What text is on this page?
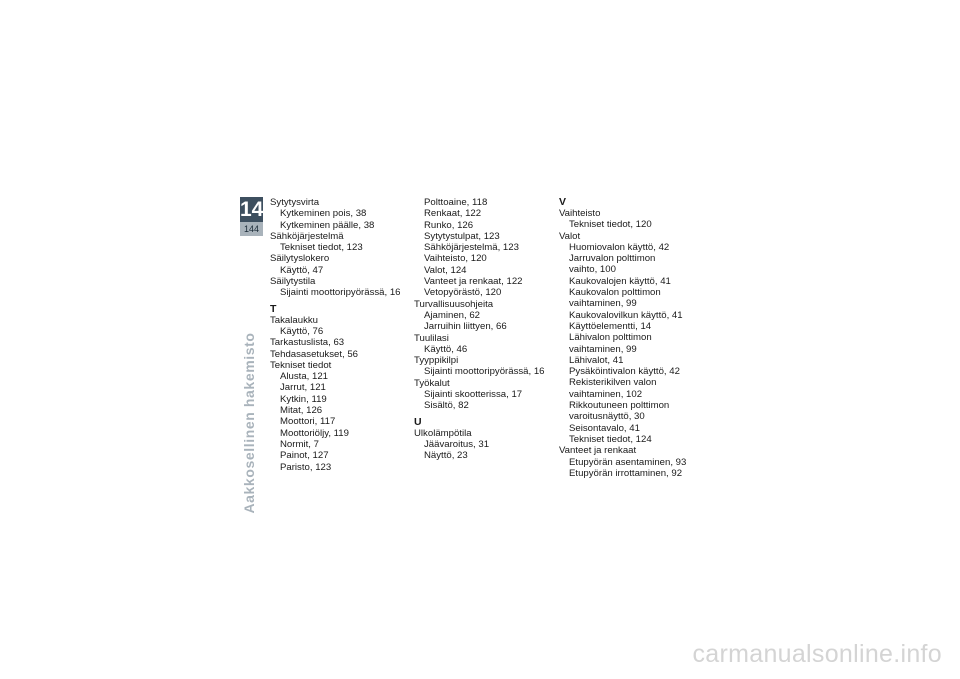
14
144
Aakkosellinen hakemisto
Sytytysvirta
Kytkeminen pois, 38
Kytkeminen päälle, 38
Sähköjärjestelmä
Tekniset tiedot, 123
Säilytyslokero
Käyttö, 47
Säilytystila
Sijainti moottoripyörässä, 16
T
Takalaukku
Käyttö, 76
Tarkastuslista, 63
Tehdasasetukset, 56
Tekniset tiedot
Alusta, 121
Jarrut, 121
Kytkin, 119
Mitat, 126
Moottori, 117
Moottoriöljy, 119
Normit, 7
Painot, 127
Paristo, 123
Polttoaine, 118
Renkaat, 122
Runko, 126
Sytytystulpat, 123
Sähköjärjestelmä, 123
Vaihteisto, 120
Valot, 124
Vanteet ja renkaat, 122
Vetopyörästö, 120
Turvallisuusohjeita
Ajaminen, 62
Jarruihin liittyen, 66
Tuulilasi
Käyttö, 46
Tyyppikilpi
Sijainti moottoripyörässä, 16
Työkalut
Sijainti skootterissa, 17
Sisältö, 82
U
Ulkolämpötila
Jäävaroitus, 31
Näyttö, 23
V
Vaihteisto
Tekniset tiedot, 120
Valot
Huomiovalon käyttö, 42
Jarruvalon polttimon
vaihto, 100
Kaukovalojen käyttö, 41
Kaukovalon polttimon
vaihtaminen, 99
Kaukovalovilkun käyttö, 41
Käyttöelementti, 14
Lähivalon polttimon
vaihtaminen, 99
Lähivalot, 41
Pysäköintivalon käyttö, 42
Rekisterikilven valon
vaihtaminen, 102
Rikkoutuneen polttimon
varoitusnäyttö, 30
Seisontavalo, 41
Tekniset tiedot, 124
Vanteet ja renkaat
Etupyörän asentaminen, 93
Etupyörän irrottaminen, 92
carmanualsonline.info
